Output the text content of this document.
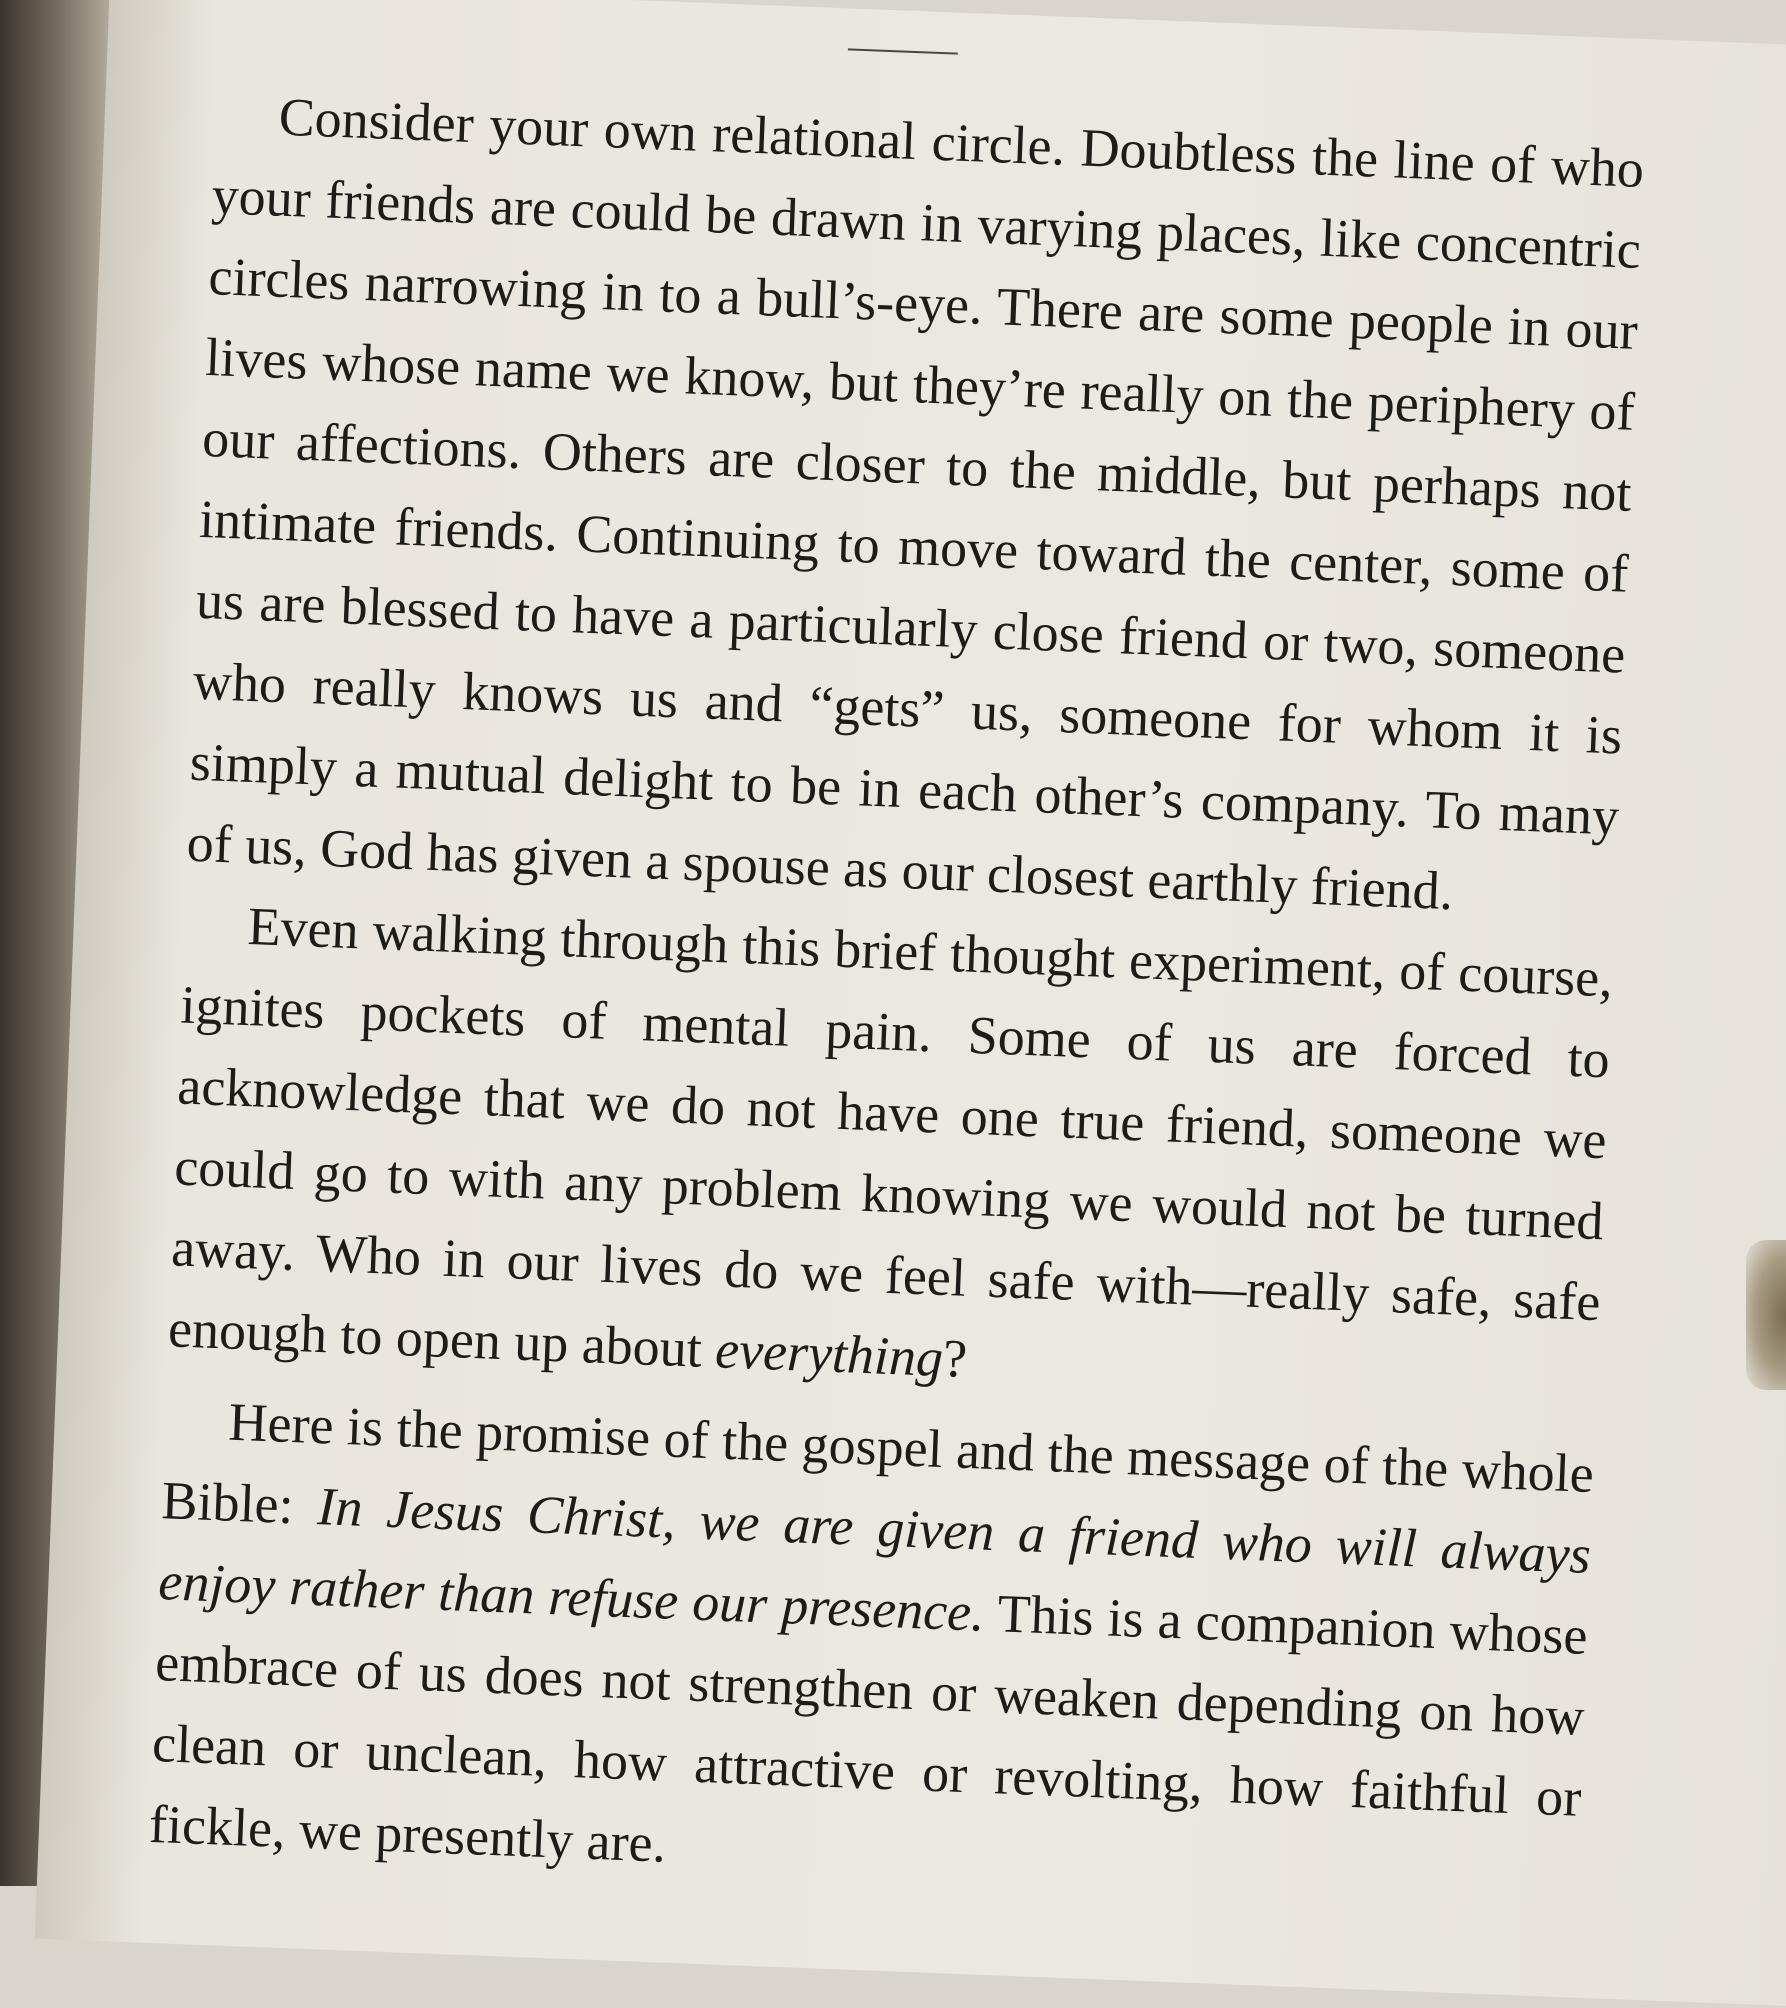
Consider your own relational circle. Doubtless the line of who your friends are could be drawn in varying places, like concentric circles narrowing in to a bull’s-eye. There are some people in our lives whose name we know, but they’re really on the periphery of our affections. Others are closer to the middle, but perhaps not intimate friends. Continuing to move toward the center, some of us are blessed to have a particularly close friend or two, someone who really knows us and “gets” us, someone for whom it is simply a mutual delight to be in each other’s company. To many of us, God has given a spouse as our closest earthly friend.

Even walking through this brief thought experiment, of course, ignites pockets of mental pain. Some of us are forced to acknowledge that we do not have one true friend, someone we could go to with any problem knowing we would not be turned away. Who in our lives do we feel safe with—really safe, safe enough to open up about everything?

Here is the promise of the gospel and the message of the whole Bible: In Jesus Christ, we are given a friend who will always enjoy rather than refuse our presence. This is a companion whose embrace of us does not strengthen or weaken depending on how clean or unclean, how attractive or revolting, how faithful or fickle, we presently are.
